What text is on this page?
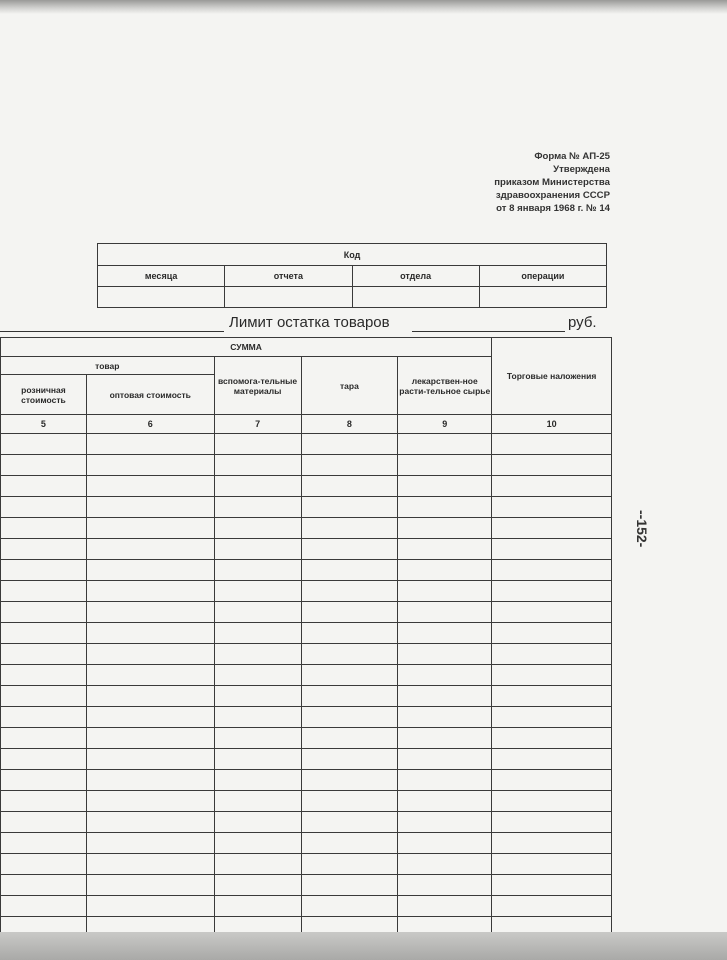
Форма № АП-25
Утверждена
приказом Министерства
здравоохранения СССР
от 8 января 1968 г. № 14
Код			
месяца	отчета	отдела	операции

Лимит остатка товаров	руб.
СУММА					Торговые наложения
товар		вспомога-тельные материалы	тара	лекарствен-ное расти-тельное сырье	
розничная стоимость	оптовая стоимость				
5	6	7	8	9	10

--152-
